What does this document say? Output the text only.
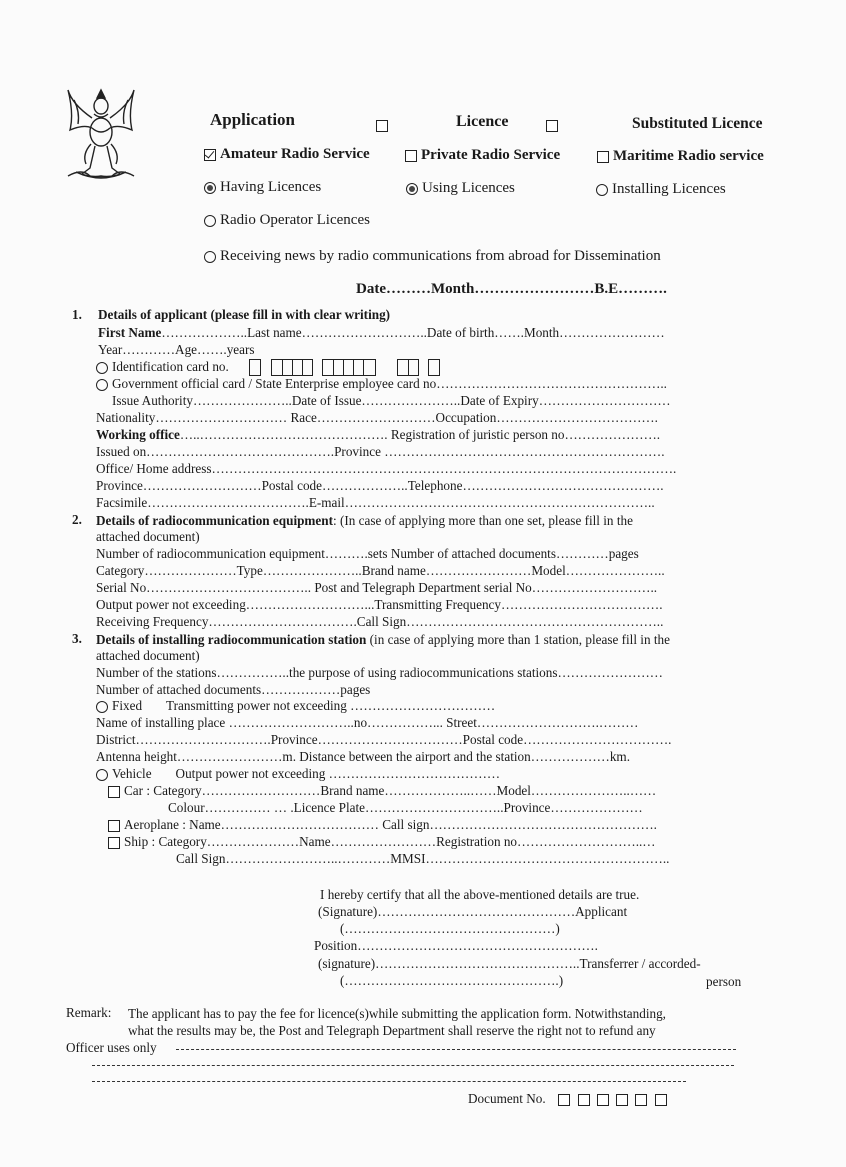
Application	Licence	Substituted Licence
Amateur Radio Service	Private Radio Service	Maritime Radio service
Having Licences	Using Licences	Installing Licences
Radio Operator Licences
Receiving news by radio communications from abroad for Dissemination
Date………Month……………………B.E……….
1. Details of applicant (please fill in with clear writing)
First Name………………..Last name………………………..Date of birth…….Month……………………
Year…………Age…….years
Identification card no.

Government official card / State Enterprise employee card no……………………………………………..
Issue Authority…………………..Date of Issue…………………..Date of Expiry…………………………
Nationality………………………… Race………………………Occupation……………………………….
Working office…..……………………………………. Registration of juristic person no………………….
Issued on…………………………………….Province ……………………………………………………….
Office/ Home address…………………………………………………………………………………………….
Province………………………Postal code………………..Telephone……………………………………….
Facsimile……………………………….E-mail……………………………………………………………..
2. Details of radiocommunication equipment: (In case of applying more than one set, please fill in the
attached document)
Number of radiocommunication equipment……….sets Number of attached documents…………pages
Category…………………Type…………………..Brand name……………………Model…………………..
Serial No……………………………….. Post and Telegraph Department serial No………………………..
Output power not exceeding………………………...Transmitting Frequency……………………………….
Receiving Frequency…………………………….Call Sign…………………………………………………..
3. Details of installing radiocommunication station (in case of applying more than 1 station, please fill in the
attached document)
Number of the stations……………..the purpose of using radiocommunications stations……………………
Number of attached documents………………pages
Fixed Transmitting power not exceeding ……………………………
Name of installing place ………………………..no……………... Street……………………….………
District………………………….Province……………………………Postal code…………………………….
Antenna height……………………m. Distance between the airport and the station………………km.
Vehicle Output power not exceeding …………………………………
Car : Category………………………Brand name………………..……Model…………………..……
Colour…………… … .Licence Plate…………………………..Province…………………
Aeroplane : Name……………………………… Call sign…………………………………………….
Ship : Category…………………Name……………………Registration no………………………..…
Call Sign……………………..…………MMSI………………………………………………..
I hereby certify that all the above-mentioned details are true.
(Signature)………………………………………Applicant
(…………………………………………)
Position……………………………………………….
(signature)………………………………………..Transferrer / accorded-
(………………………………………….)	person
Remark: The applicant has to pay the fee for licence(s)while submitting the application form. Notwithstanding,
what the results may be, the Post and Telegraph Department shall reserve the right not to refund any
Officer uses only
Document No.
